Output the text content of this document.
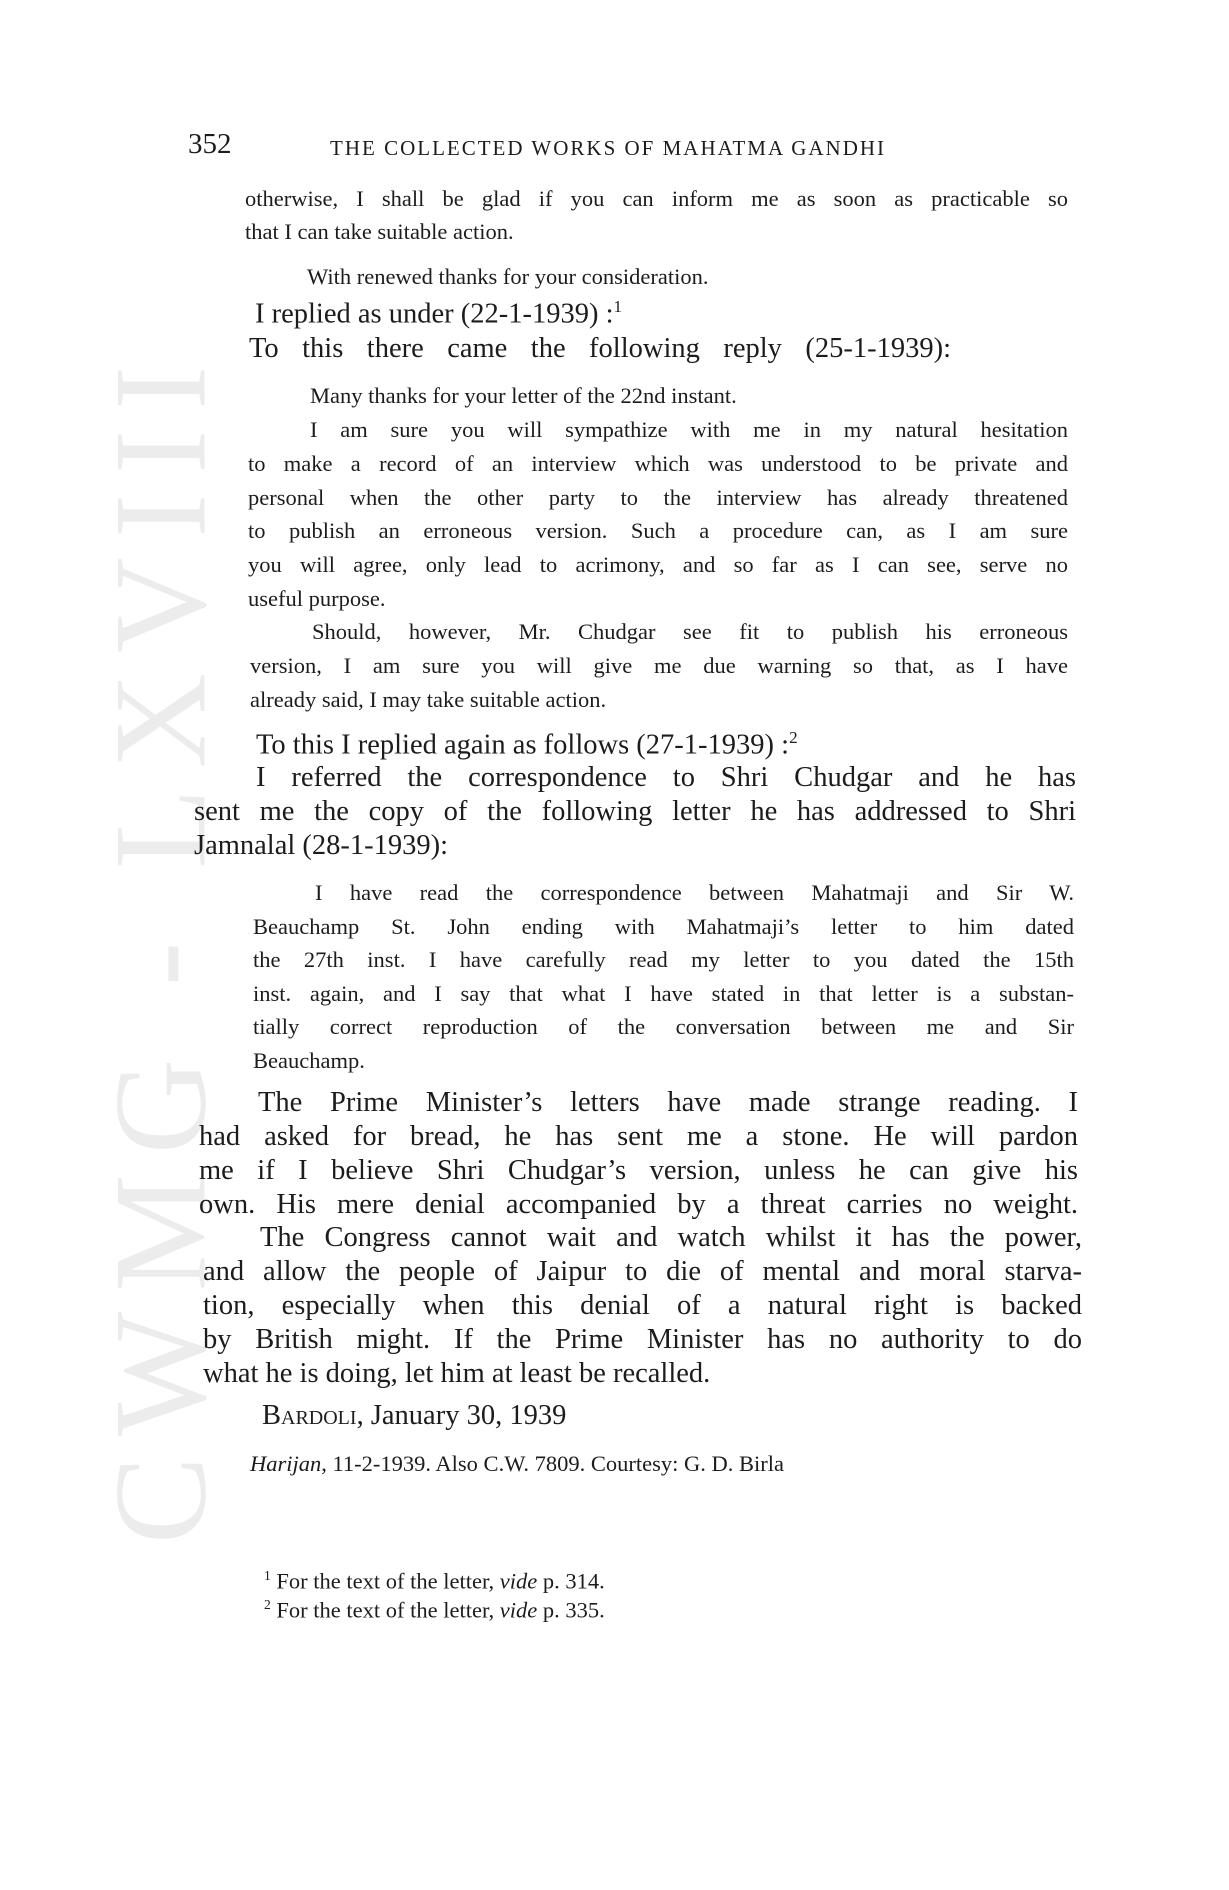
CWMG - LXVIII
352	THE COLLECTED WORKS OF MAHATMA GANDHI
otherwise, I shall be glad if you can inform me as soon as practicable so
that I can take suitable action.
With renewed thanks for your consideration.
I replied as under (22-1-1939) :$^1$
To this there came the following reply (25-1-1939):
Many thanks for your letter of the 22nd instant.
I am sure you will sympathize with me in my natural hesitation
to make a record of an interview which was understood to be private and
personal when the other party to the interview has already threatened
to publish an erroneous version. Such a procedure can, as I am sure
you will agree, only lead to acrimony, and so far as I can see, serve no
useful purpose.
Should, however, Mr. Chudgar see fit to publish his erroneous
version, I am sure you will give me due warning so that, as I have
already said, I may take suitable action.
To this I replied again as follows (27-1-1939) :$^2$
I referred the correspondence to Shri Chudgar and he has
sent me the copy of the following letter he has addressed to Shri
Jamnalal (28-1-1939):
I have read the correspondence between Mahatmaji and Sir W.
Beauchamp St. John ending with Mahatmaji’s letter to him dated
the 27th inst. I have carefully read my letter to you dated the 15th
inst. again, and I say that what I have stated in that letter is a substan-
tially correct reproduction of the conversation between me and Sir
Beauchamp.
The Prime Minister’s letters have made strange reading. I
had asked for bread, he has sent me a stone. He will pardon
me if I believe Shri Chudgar’s version, unless he can give his
own. His mere denial accompanied by a threat carries no weight.
The Congress cannot wait and watch whilst it has the power,
and allow the people of Jaipur to die of mental and moral starva-
tion, especially when this denial of a natural right is backed
by British might. If the Prime Minister has no authority to do
what he is doing, let him at least be recalled.
Bardoli, January 30, 1939
Harijan, 11-2-1939. Also C.W. 7809. Courtesy: G. D. Birla
$^1$ For the text of the letter, vide p. 314.
$^2$ For the text of the letter, vide p. 335.
